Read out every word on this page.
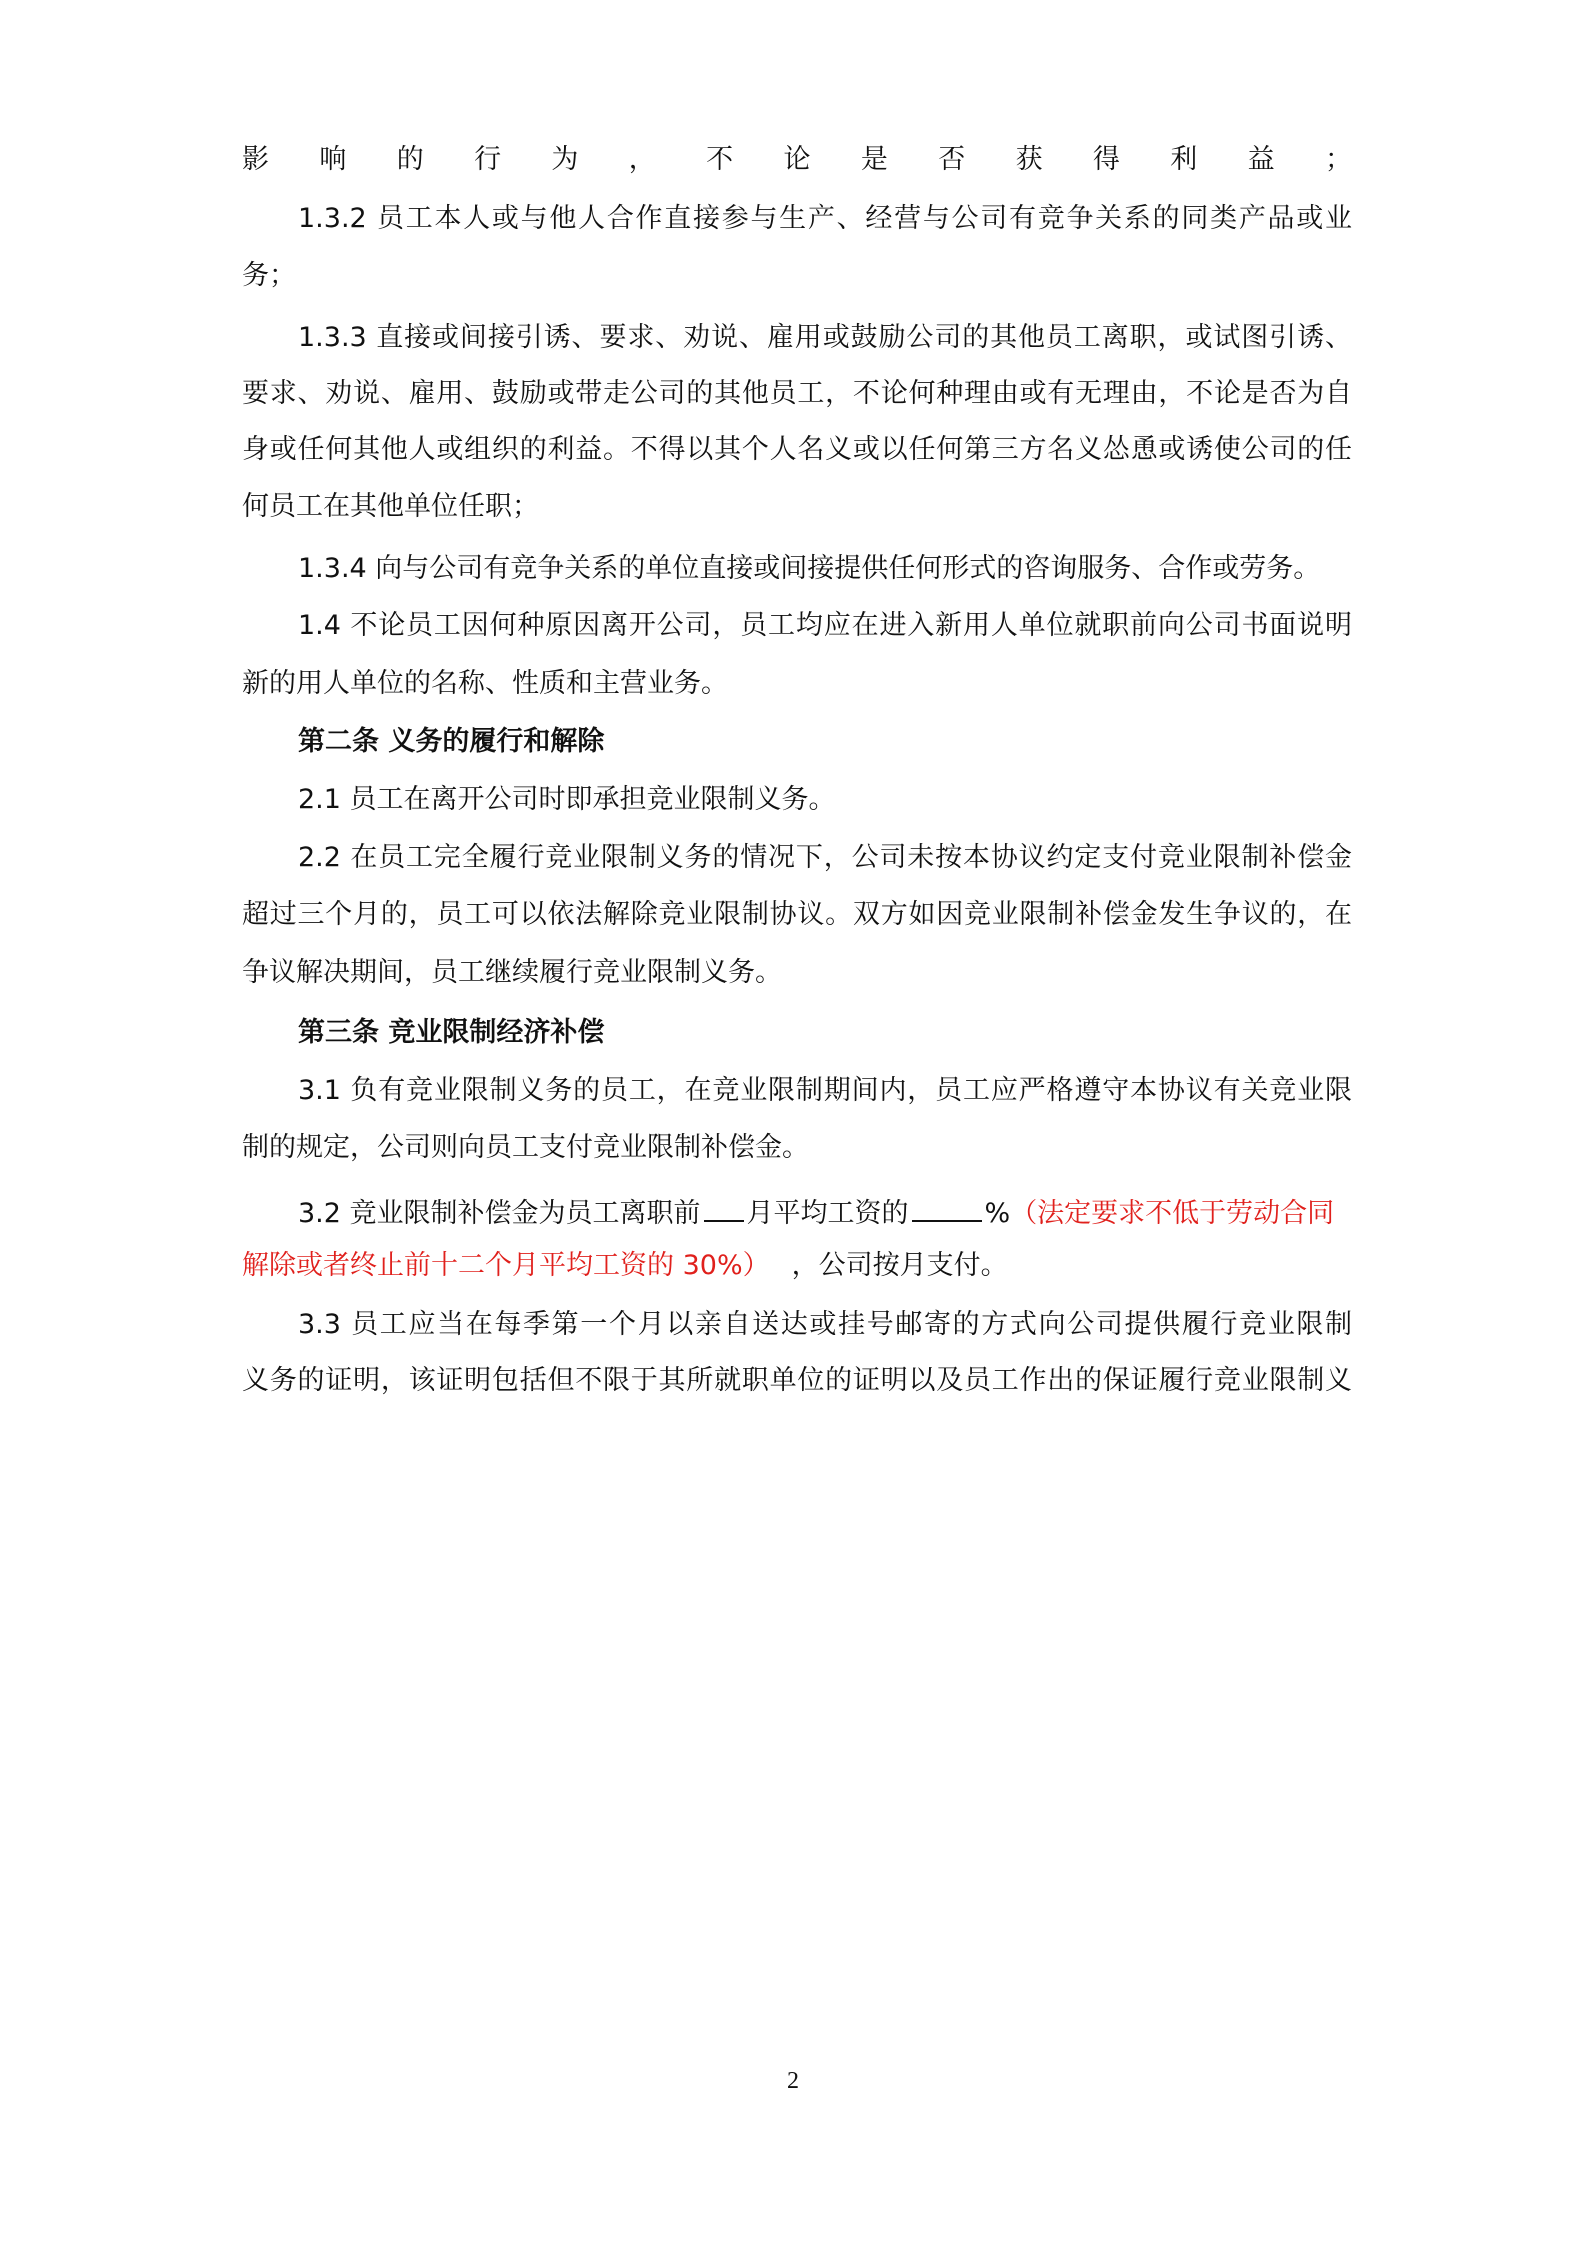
影响的行为，不论是否获得利益；
1.3.2 员工本人或与他人合作直接参与生产、经营与公司有竞争关系的同类产品或业
务；
1.3.3 直接或间接引诱、要求、劝说、雇用或鼓励公司的其他员工离职，或试图引诱、
要求、劝说、雇用、鼓励或带走公司的其他员工，不论何种理由或有无理由，不论是否为自
身或任何其他人或组织的利益。不得以其个人名义或以任何第三方名义怂恿或诱使公司的任
何员工在其他单位任职；
1.3.4 向与公司有竞争关系的单位直接或间接提供任何形式的咨询服务、合作或劳务。
1.4 不论员工因何种原因离开公司，员工均应在进入新用人单位就职前向公司书面说明
新的用人单位的名称、性质和主营业务。
第二条 义务的履行和解除
2.1 员工在离开公司时即承担竞业限制义务。
2.2 在员工完全履行竞业限制义务的情况下，公司未按本协议约定支付竞业限制补偿金
超过三个月的，员工可以依法解除竞业限制协议。双方如因竞业限制补偿金发生争议的，在
争议解决期间，员工继续履行竞业限制义务。
第三条 竞业限制经济补偿
3.1 负有竞业限制义务的员工，在竞业限制期间内，员工应严格遵守本协议有关竞业限
制的规定，公司则向员工支付竞业限制补偿金。
3.2 竞业限制补偿金为员工离职前 月平均工资的	%（法定要求不低于劳动合同
解除或者终止前十二个月平均工资的 30%） ，公司按月支付。
3.3 员工应当在每季第一个月以亲自送达或挂号邮寄的方式向公司提供履行竞业限制
义务的证明，该证明包括但不限于其所就职单位的证明以及员工作出的保证履行竞业限制义
2
